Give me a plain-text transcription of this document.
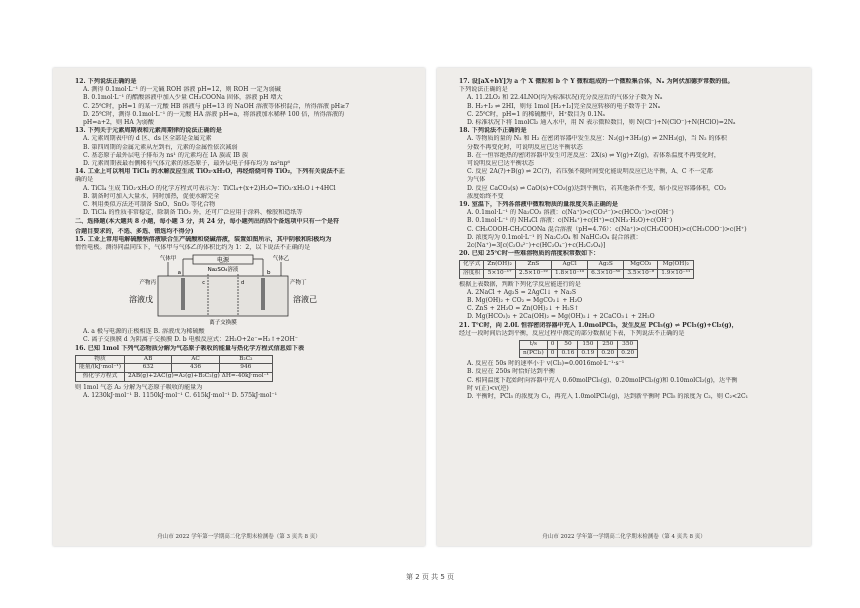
12. 下列说法正确的是

A. 测得 0.1mol·L⁻¹ 的一元碱 ROH 溶液 pH=12，则 ROH 一定为弱碱

B. 0.1mol·L⁻¹ 的醋酸溶液中加入少量 CH₃COONa 固体，溶液 pH 增大

C. 25℃时，pH=1 的某一元酸 HB 溶液与 pH=13 的 NaOH 溶液等体积混合，所得溶液 pH≥7

D. 25℃时，测得 0.1mol·L⁻¹ 的一元酸 HA 溶液 pH=a，将溶液加水稀释 100 倍，所得溶液的

pH=a+2，则 HA 为弱酸

13. 下列关于元素周期表和元素周期律的说法正确的是

A. 元素周期表中的 d 区、ds 区全部是金属元素

B. 第四周期的金属元素从左到右，元素的金属性依次减弱

C. 基态原子最外层电子排布为 ns¹ 的元素均在 IA 族或 IB 族

D. 元素周期表最右侧稀有气体元素的基态原子，最外层电子排布均为 ns²np⁶

14. 工业上可以利用 TiCl₄ 的水解反应生成 TiO₂·xH₂O，再经焙烧可得 TiO₂，下列有关说法不正

确的是

A. TiCl₄ 生成 TiO₂·xH₂O 的化学方程式可表示为：TiCl₄+(x+2)H₂O=TiO₂·xH₂O↓+4HCl

B. 制备时可加入大量水，同时加热，促使水解完全

C. 利用类似方法还可制备 SnO、SnO₂ 等化合物

D. TiCl₄ 的性质非常稳定，除制备 TiO₂ 外，还可广泛应用于涂料、橡胶和造纸等

二、选择题(本大题共 8 小题，每小题 3 分，共 24 分，每小题列出的四个备选项中只有一个是符

合题目要求的，不选、多选、错选均不得分)

15. 工业上常用电解硫酸钠溶液联合生产硫酸和烧碱溶液，装置如图所示，其中阴极和阳极均为

惰性电极。测得同温同压下，气体甲与气体乙的体积比约为 1：2，以下说法不正确的是

电源
a	b
气体甲	气体乙
Na₂SO₄溶液
c	d
产物丙	产物丁
溶液戊	溶液己
离子交换膜

A. a 极与电源的正极相连 B. 溶液戊为稀硫酸

C. 离子交换膜 d 为阴离子交换膜 D. b 电极反应式：2H₂O+2e⁻=H₂↑+2OH⁻

16. 已知 1mol 下列气态物质分解为气态原子吸收的能量与热化学方程式信息如下表

物质	AB	AC	B₂C₂
能量/(kJ·mol⁻¹)	632	436	946
热化学方程式	2AB(g)+2AC(g)=A₂(g)+B₂C₂(g) ΔH=-40kJ·mol⁻¹		

则 1mol 气态 A₂ 分解为气态原子吸收的能量为

A. 1230kJ·mol⁻¹ B. 1150kJ·mol⁻¹ C. 615kJ·mol⁻¹ D. 575kJ·mol⁻¹

舟山市 2022 学年第一学期高二化学期末检测卷（第 3 页共 8 页）

17. 设[aX+bY]为 a 个 X 微粒和 b 个 Y 微粒组成的一个微粒集合体，Nₐ 为阿伏加德罗常数的值。

下列说法正确的是

A. 11.2LO₂ 和 22.4LNO(均为标准状况)充分反应后的气体分子数为 Nₐ

B. H₂+I₂ ⇌ 2HI，则每 1mol [H₂+I₂]完全反应转移的电子数等于 2Nₐ

C. 25℃时，pH=1 的稀硫酸中，H⁺数目为 0.1Nₐ

D. 标准状况下将 1molCl₂ 通入水中，用 N 表示微粒数目，则 N(Cl⁻)+N(ClO⁻)+N(HClO)=2Nₐ

18. 下列说法不正确的是

A. 等物质的量的 N₂ 和 H₂ 在密闭容器中发生反应：N₂(g)+3H₂(g) ⇌ 2NH₃(g)，当 N₂ 的体积

分数不再变化时，可说明反应已达平衡状态

B. 在一恒容绝热的密闭容器中发生可逆反应：2X(s) ⇌ Y(g)+Z(g)，若体系温度不再变化时，

可说明反应已达平衡状态

C. 反应 2A(?)+B(g) ⇌ 2C(?)，若压强不随时间变化能说明反应已达平衡，A、C 不一定都

为气体

D. 反应 CaCO₃(s) ⇌ CaO(s)+CO₂(g)达到平衡后，若其他条件不变，缩小反应容器体积，CO₂

浓度始终不变

19. 室温下，下列各溶液中微粒物质的量浓度关系正确的是

A. 0.1mol·L⁻¹ 的 Na₂CO₃ 溶液：c(Na⁺)>c(CO₃²⁻)>c(HCO₃⁻)>c(OH⁻)

B. 0.1mol·L⁻¹ 的 NH₄Cl 溶液：c(NH₄⁺)+c(H⁺)=c(NH₃·H₂O)+c(OH⁻)

C. CH₃COOH-CH₃COONa 混合溶液（pH=4.76）：c(Na⁺)>c(CH₃COOH)>c(CH₃COO⁻)>c(H⁺)

D. 浓度均为 0.1mol·L⁻¹ 的 Na₂C₂O₄ 和 NaHC₂O₄ 混合溶液：

2c(Na⁺)=3[c(C₂O₄²⁻)+c(HC₂O₄⁻)+c(H₂C₂O₄)]

20. 已知 25℃时一些难溶物质的溶度积常数如下：

化学式	Zn(OH)₂	ZnS	AgCl	Ag₂S	MgCO₃	Mg(OH)₂
溶度积	5×10⁻¹⁷	2.5×10⁻²²	1.8×10⁻¹⁰	6.3×10⁻⁵⁰	3.5×10⁻⁸	1.9×10⁻¹¹

根据上表数据，判断下列化学反应能进行的是

A. 2NaCl + Ag₂S = 2AgCl↓ + Na₂S

B. Mg(OH)₂ + CO₂ = MgCO₃↓ + H₂O

C. ZnS + 2H₂O = Zn(OH)₂↓ + H₂S↑

D. Mg(HCO₃)₂ + 2Ca(OH)₂ = Mg(OH)₂↓ + 2CaCO₃↓ + 2H₂O

21. T℃时，向 2.0L 恒容密闭容器中充入 1.0molPCl₅，发生反应 PCl₅(g) ⇌ PCl₃(g)+Cl₂(g)，

经过一段时间后达到平衡，反应过程中测定的部分数据见下表，下列说法不正确的是

t/s	0	50	150	250	350
n(PCl₃)	0	0.16	0.19	0.20	0.20

A. 反应在 50s 时的速率小于 v(Cl₂)=0.0016mol·L⁻¹·s⁻¹

B. 反应在 250s 时恰好达到平衡

C. 相同温度下起始时向容器中充入 0.60molPCl₅(g)、0.20molPCl₃(g)和 0.10molCl₂(g)，达平衡

时 v(正)<v(逆)

D. 平衡时，PCl₅ 的浓度为 C₁，再充入 1.0molPCl₅(g)，达到新平衡时 PCl₅ 的浓度为 C₂，则 C₂<2C₁

舟山市 2022 学年第一学期高二化学期末检测卷（第 4 页共 8 页）
第 2 页 共 5 页
